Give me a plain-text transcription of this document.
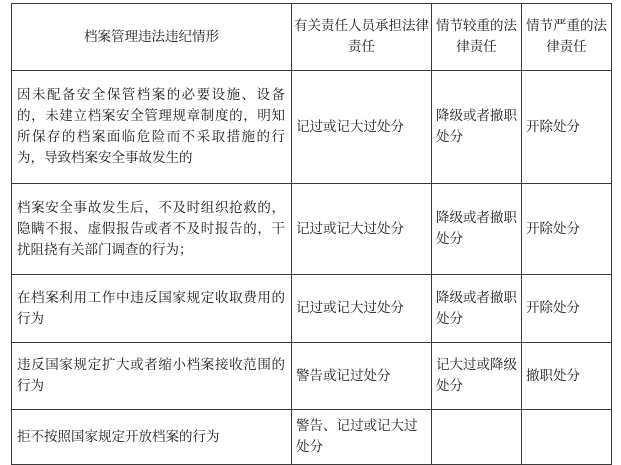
档案管理违法违纪情形	有关责任人员承担法律责任	情节较重的法律责任	情节严重的法律责任
因未配备安全保管档案的必要设施、设备的，未建立档案安全管理规章制度的，明知所保存的档案面临危险而不采取措施的行为，导致档案安全事故发生的	记过或记大过处分	降级或者撤职处分	开除处分
档案安全事故发生后，不及时组织抢救的，隐瞒不报、虚假报告或者不及时报告的，干扰阻挠有关部门调查的行为；	记过或记大过处分	降级或者撤职处分	开除处分
在档案利用工作中违反国家规定收取费用的行为	记过或记大过处分	降级或者撤职处分	开除处分
违反国家规定扩大或者缩小档案接收范围的行为	警告或记过处分	记大过或降级处分	撤职处分
拒不按照国家规定开放档案的行为	警告、记过或记大过处分		
